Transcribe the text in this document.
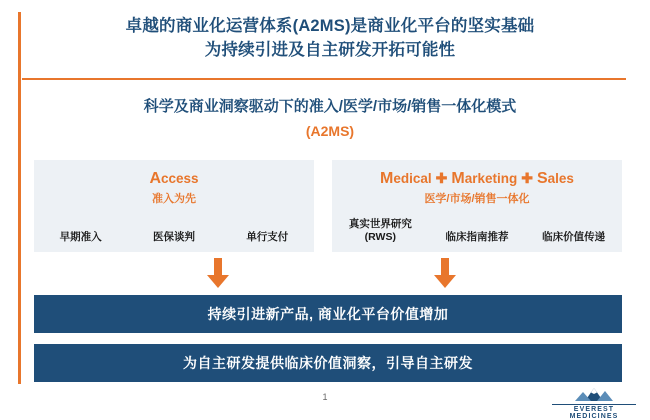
卓越的商业化运营体系(A2MS)是商业化平台的坚实基础
为持续引进及自主研发开拓可能性
科学及商业洞察驱动下的准入/医学/市场/销售一体化模式
(A2MS)
Access
准入为先
早期准入	医保谈判	单行支付
Medical ✚ Marketing ✚ Sales
医学/市场/销售一体化
真实世界研究
(RWS)	临床指南推荐	临床价值传递
持续引进新产品, 商业化平台价值增加
为自主研发提供临床价值洞察，引导自主研发
1
EVEREST MEDICINES
